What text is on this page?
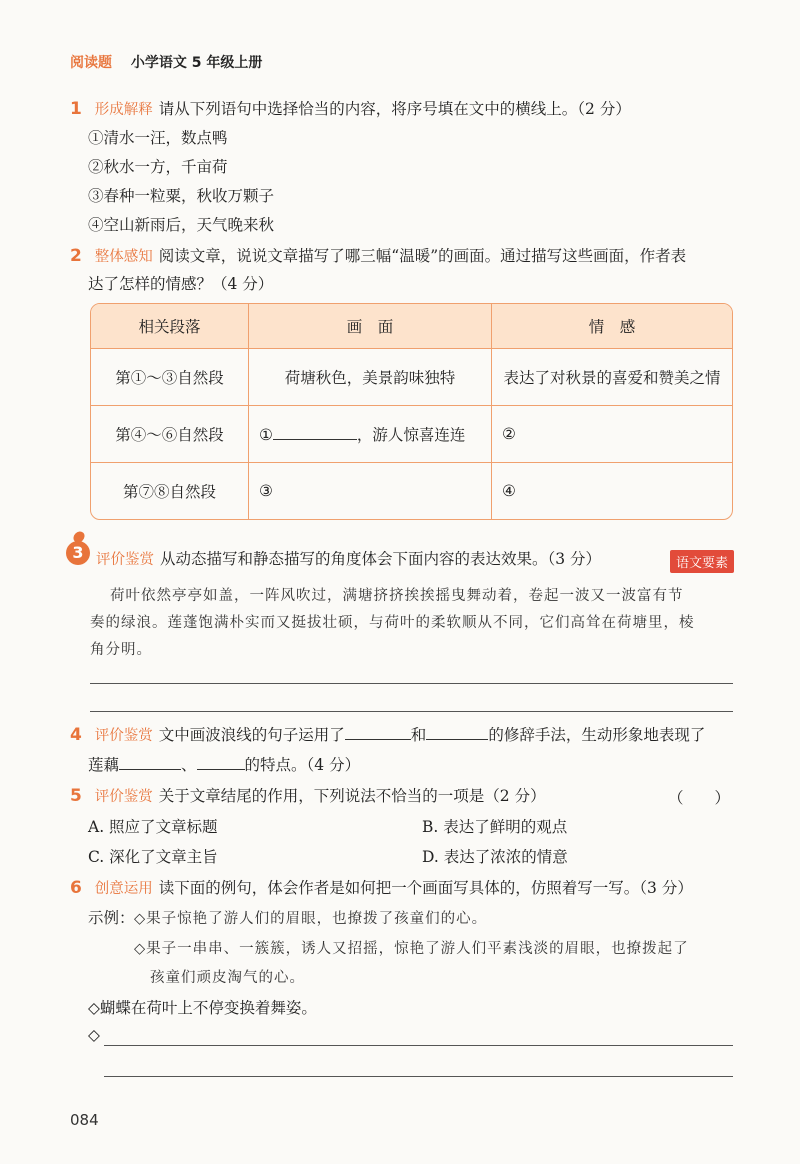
阅读题 小学语文 5 年级上册
1 形成解释 请从下列语句中选择恰当的内容，将序号填在文中的横线上。（2 分）
①清水一汪，数点鸭
②秋水一方，千亩荷
③春种一粒粟，秋收万颗子
④空山新雨后，天气晚来秋
2 整体感知 阅读文章，说说文章描写了哪三幅“温暖”的画面。通过描写这些画面，作者表
达了怎样的情感？（4 分）
相关段落	画　面	情　感
第①～③自然段	荷塘秋色，美景韵味独特	表达了对秋景的喜爱和赞美之情
第④～⑥自然段	① ，游人惊喜连连	②
第⑦⑧自然段	③	④
3 评价鉴赏 从动态描写和静态描写的角度体会下面内容的表达效果。（3 分）	语文要素
荷叶依然亭亭如盖，一阵风吹过，满塘挤挤挨挨摇曳舞动着，卷起一波又一波富有节
奏的绿浪。莲蓬饱满朴实而又挺拔壮硕，与荷叶的柔软顺从不同，它们高耸在荷塘里，棱
角分明。
4 评价鉴赏 文中画波浪线的句子运用了	和	的修辞手法，生动形象地表现了
莲藕	、	的特点。（4 分）
5 评价鉴赏 关于文章结尾的作用，下列说法不恰当的一项是（2 分）	（　　）
A. 照应了文章标题	B. 表达了鲜明的观点
C. 深化了文章主旨	D. 表达了浓浓的情意
6 创意运用 读下面的例句，体会作者是如何把一个画面写具体的，仿照着写一写。（3 分）
示例： ◇果子惊艳了游人们的眉眼，也撩拨了孩童们的心。
◇果子一串串、一簇簇，诱人又招摇，惊艳了游人们平素浅淡的眉眼，也撩拨起了
孩童们顽皮淘气的心。
◇蝴蝶在荷叶上不停变换着舞姿。
◇
084
